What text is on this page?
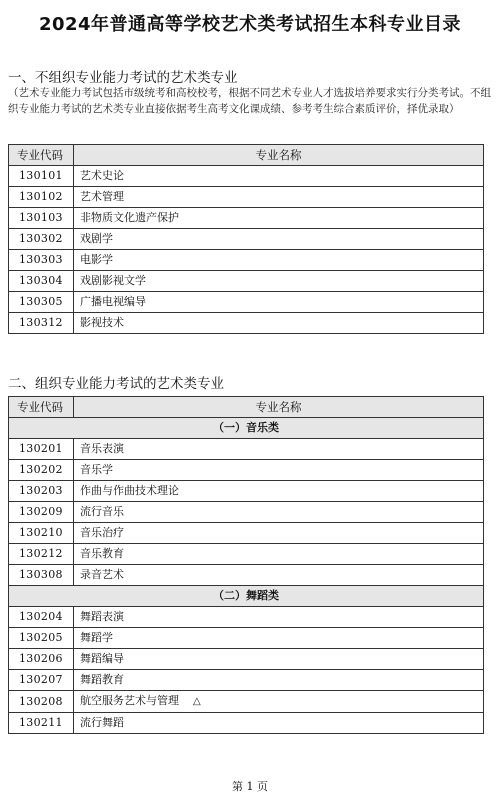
2024年普通高等学校艺术类考试招生本科专业目录
一、不组织专业能力考试的艺术类专业
（艺术专业能力考试包括市级统考和高校校考，根据不同艺术专业人才选拔培养要求实行分类考试。不组织专业能力考试的艺术类专业直接依据考生高考文化课成绩、参考考生综合素质评价，择优录取）
专业代码	专业名称
130101	艺术史论
130102	艺术管理
130103	非物质文化遗产保护
130302	戏剧学
130303	电影学
130304	戏剧影视文学
130305	广播电视编导
130312	影视技术
二、组织专业能力考试的艺术类专业
专业代码	专业名称
（一）音乐类	
130201	音乐表演
130202	音乐学
130203	作曲与作曲技术理论
130209	流行音乐
130210	音乐治疗
130212	音乐教育
130308	录音艺术
（二）舞蹈类	
130204	舞蹈表演
130205	舞蹈学
130206	舞蹈编导
130207	舞蹈教育
130208	航空服务艺术与管理 △
130211	流行舞蹈
第 1 页
